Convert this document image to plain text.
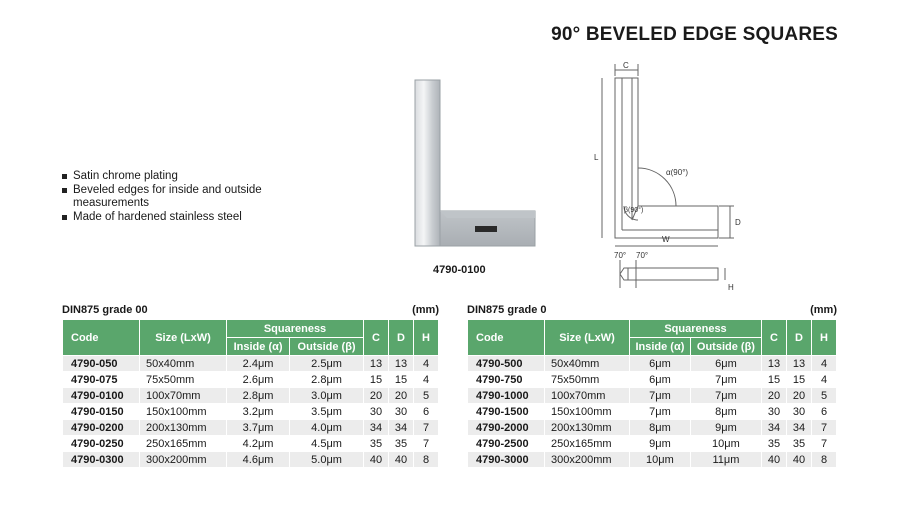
90° BEVELED EDGE SQUARES
Satin chrome plating
Beveled edges for inside and outside measurements
Made of hardened stainless steel
4790-0100
C
L
W
D
H
α(90°)
β(90°)
70° 70°
DIN875 grade 00	(mm)
Code	Size (LxW)	Squareness		C	D	H
		Inside (α)	Outside (β)			
4790-050	50x40mm	2.4μm	2.5μm	13	13	4
4790-075	75x50mm	2.6μm	2.8μm	15	15	4
4790-0100	100x70mm	2.8μm	3.0μm	20	20	5
4790-0150	150x100mm	3.2μm	3.5μm	30	30	6
4790-0200	200x130mm	3.7μm	4.0μm	34	34	7
4790-0250	250x165mm	4.2μm	4.5μm	35	35	7
4790-0300	300x200mm	4.6μm	5.0μm	40	40	8
DIN875 grade 0	(mm)
Code	Size (LxW)	Squareness		C	D	H
		Inside (α)	Outside (β)			
4790-500	50x40mm	6μm	6μm	13	13	4
4790-750	75x50mm	6μm	7μm	15	15	4
4790-1000	100x70mm	7μm	7μm	20	20	5
4790-1500	150x100mm	7μm	8μm	30	30	6
4790-2000	200x130mm	8μm	9μm	34	34	7
4790-2500	250x165mm	9μm	10μm	35	35	7
4790-3000	300x200mm	10μm	11μm	40	40	8
